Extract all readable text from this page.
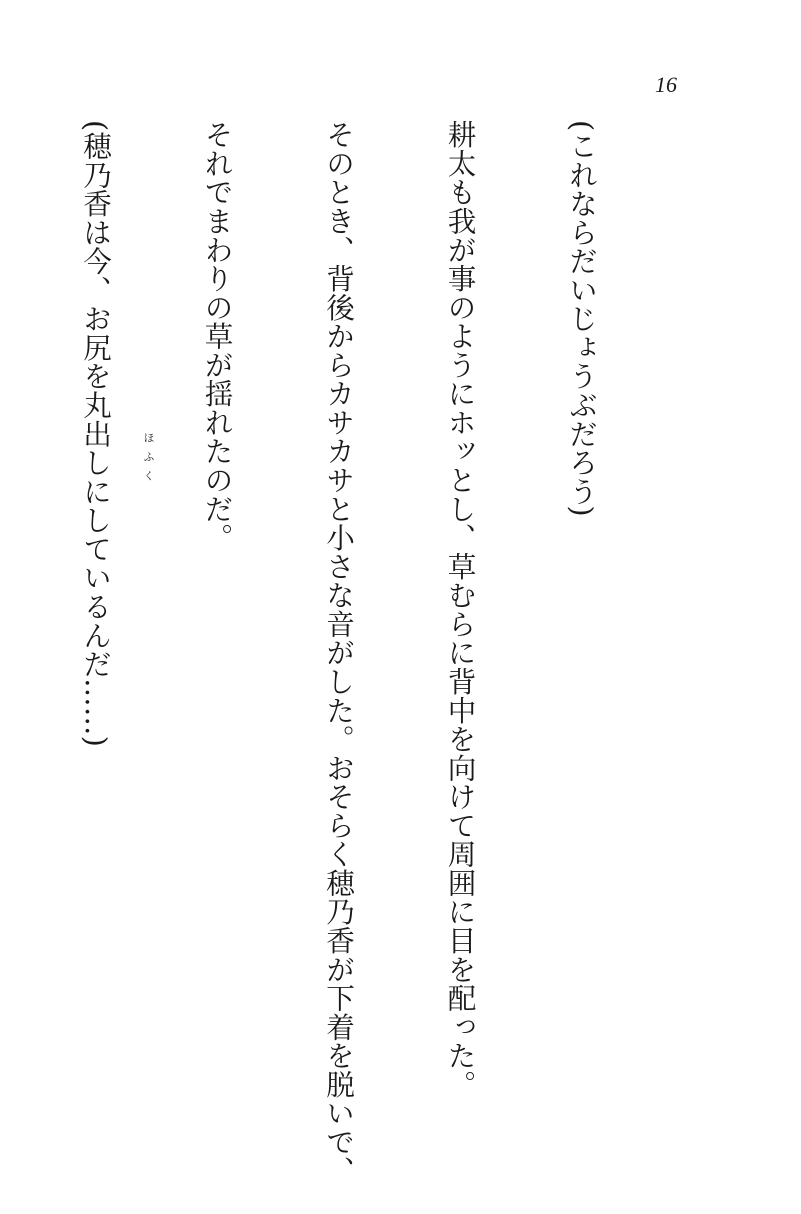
16

(これならだいじょうぶだろう)

耕太も我が事のようにホッとし、草むらに背中を向けて周囲に目を配った。

そのとき、背後からカサカサと小さな音がした。おそらく穂乃香が下着を脱いで、

それでまわりの草が揺れたのだ。

(穂乃香は今、お尻を丸出しにしているんだ……)

	ほふく
